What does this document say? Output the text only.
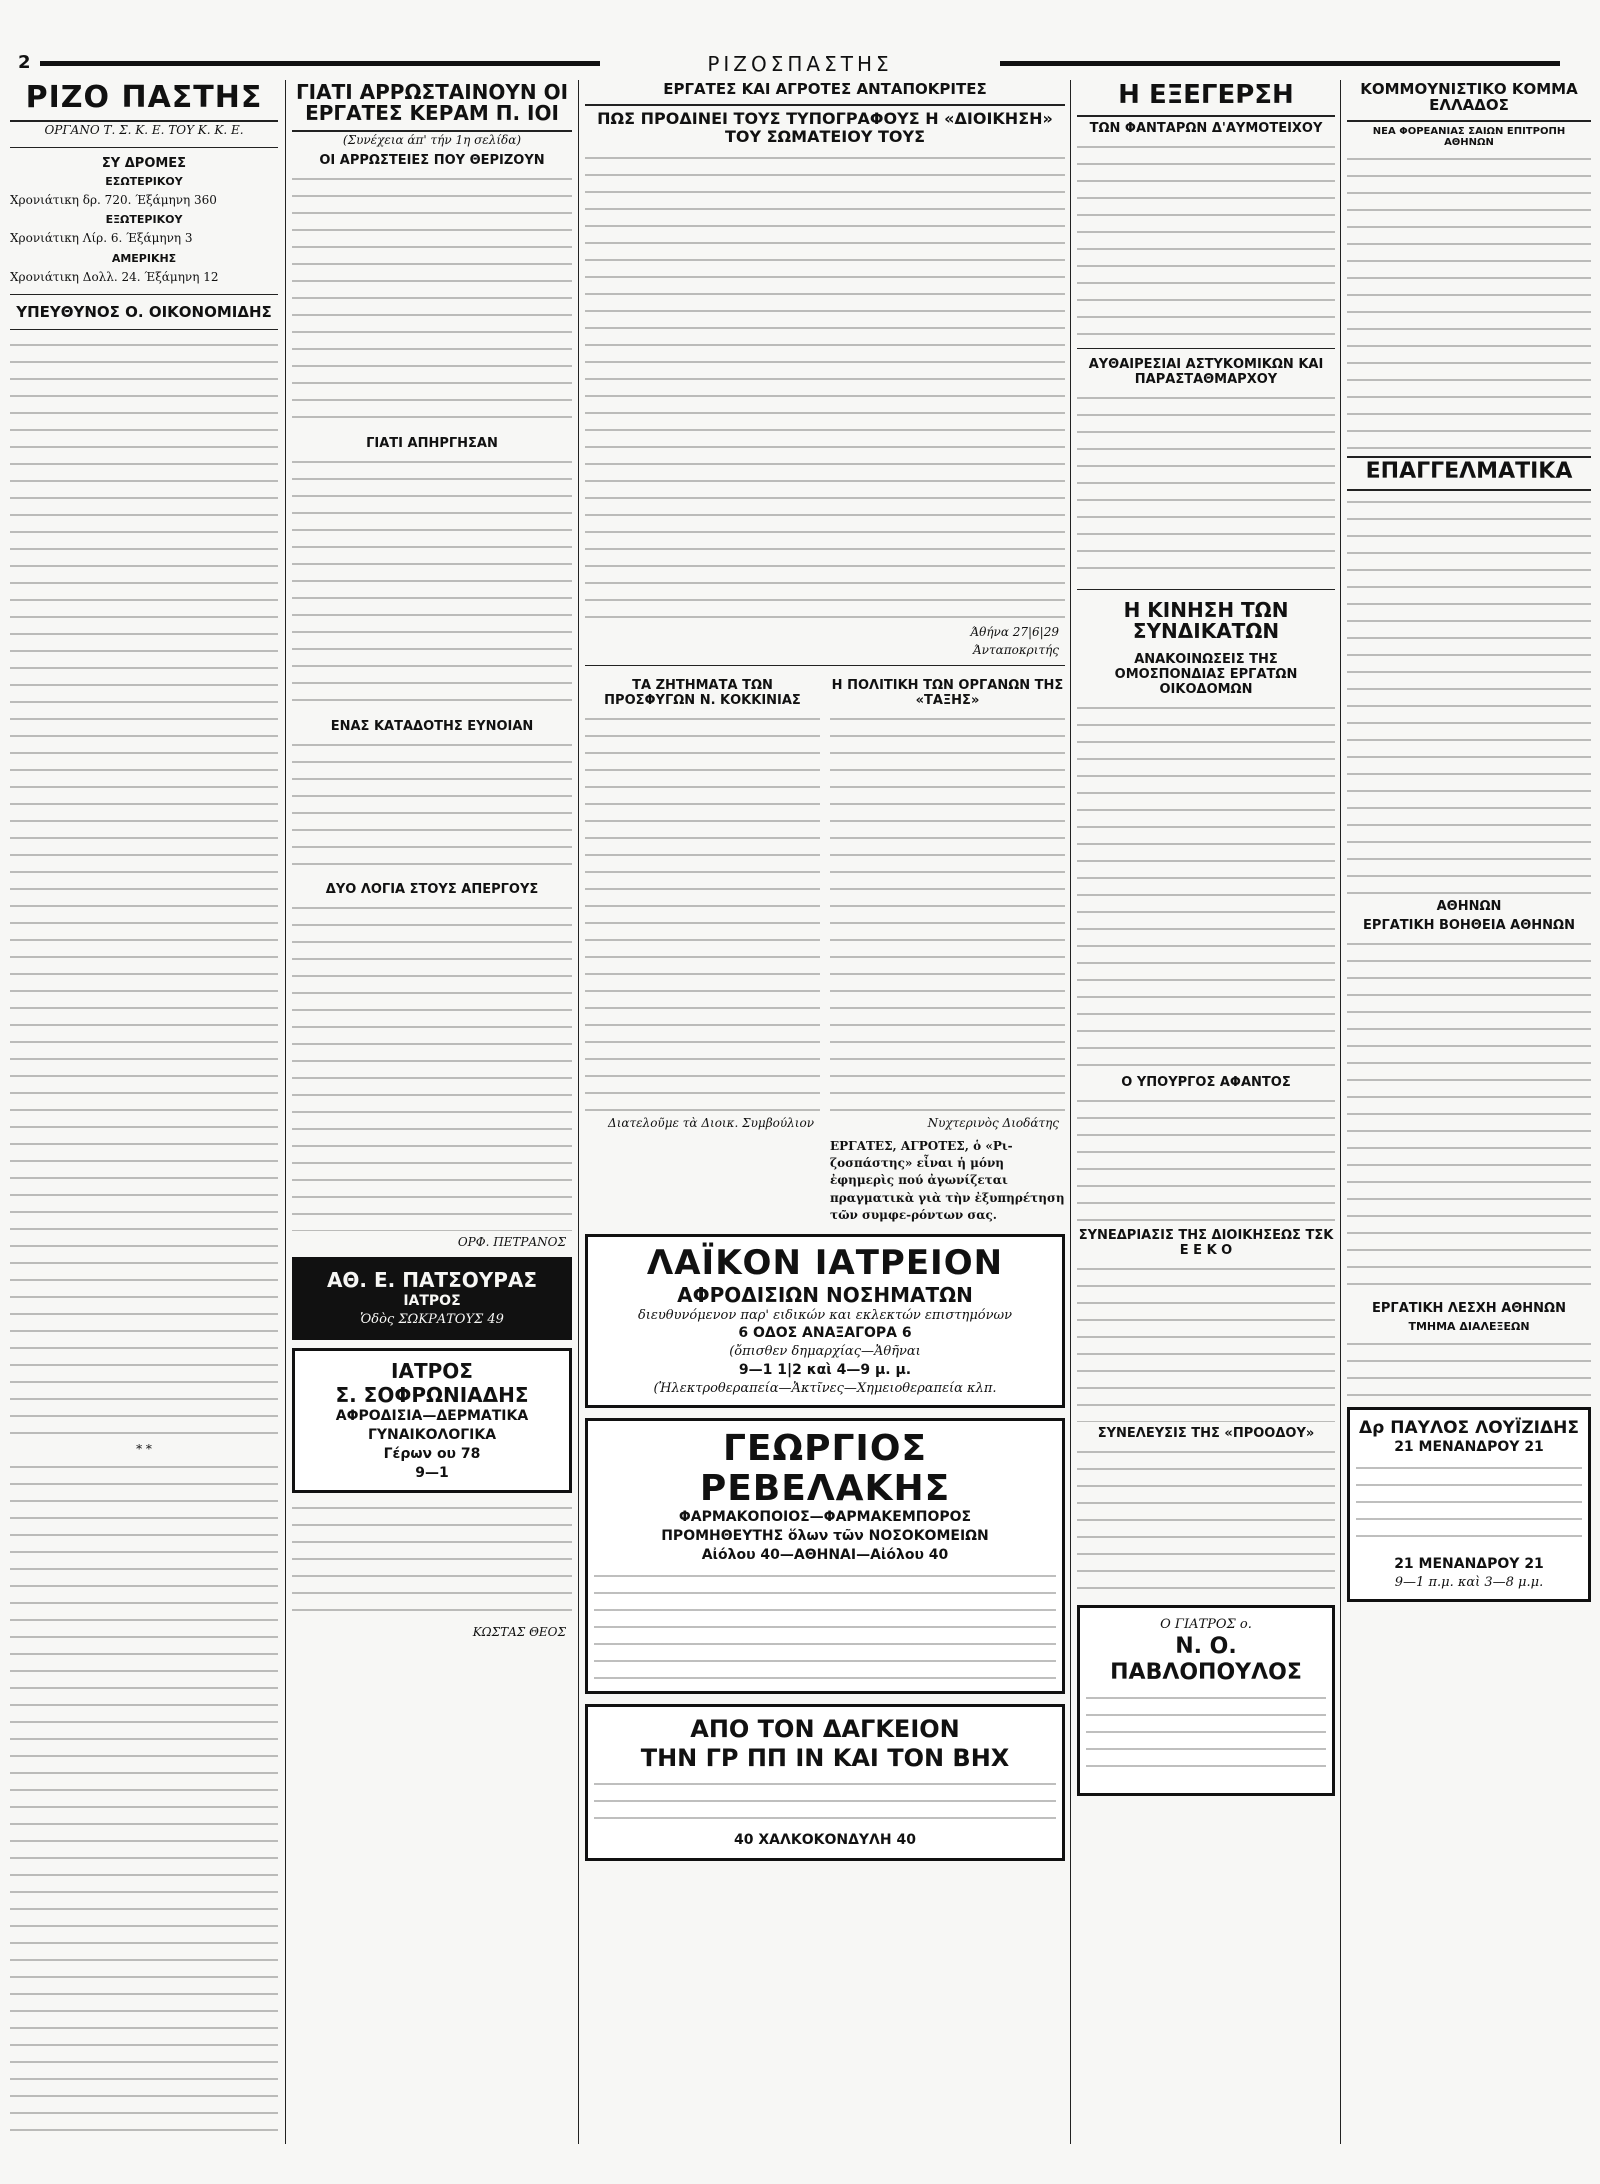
2	ΡΙΖΟΣΠΑΣΤΗΣ
ΡΙΖΟ ΠΑΣΤΗΣ
ΟΡΓΑΝΟ Τ. Σ. Κ. Ε. ΤΟΥ Κ. Κ. Ε.
ΣΥ ΔΡΟΜΕΣ
ΕΣΩΤΕΡΙΚΟΥ
Χρονιάτικη δρ. 720. Έξάμηνη 360
ΕΞΩΤΕΡΙΚΟΥ
Χρονιάτικη Λίρ. 6. Έξάμηνη 3
ΑΜΕΡΙΚΗΣ
Χρονιάτικη Δολλ. 24. Έξάμηνη 12
ΥΠΕΥΘΥΝΟΣ Ο. ΟΙΚΟΝΟΜΙΔΗΣ
* *
ΓΙΑΤΙ ΑΡΡΩΣΤΑΙΝΟΥΝ ΟΙ ΕΡΓΑΤΕΣ ΚΕΡΑΜ Π. ΙΟΙ
(Συνέχεια άπ' τήν 1η σελίδα)
ΟΙ ΑΡΡΩΣΤΕΙΕΣ ΠΟΥ ΘΕΡΙΖΟΥΝ
ΓΙΑΤΙ ΑΠΗΡΓΗΣΑΝ
ΕΝΑΣ ΚΑΤΑΔΟΤΗΣ ΕΥΝΟΙΑΝ
ΔΥΟ ΛΟΓΙΑ ΣΤΟΥΣ ΑΠΕΡΓΟΥΣ
ΟΡΦ. ΠΕΤΡΑΝΟΣ
ΑΘ. Ε. ΠΑΤΣΟΥΡΑΣ
ΙΑΤΡΟΣ
Ὁδὸς ΣΩΚΡΑΤΟΥΣ 49
ΙΑΤΡΟΣ
Σ. ΣΟΦΡΩΝΙΑΔΗΣ
ΑΦΡΟΔΙΣΙΑ—ΔΕΡΜΑΤΙΚΑ ΓΥΝΑΙΚΟΛΟΓΙΚΑ
Γέρων ου 78
9—1
ΚΩΣΤΑΣ ΘΕΟΣ
ΕΡΓΑΤΕΣ ΚΑΙ ΑΓΡΟΤΕΣ ΑΝΤΑΠΟΚΡΙΤΕΣ
ΠΩΣ ΠΡΟΔΙΝΕΙ ΤΟΥΣ ΤΥΠΟΓΡΑΦΟΥΣ Η «ΔΙΟΙΚΗΣΗ» ΤΟΥ ΣΩΜΑΤΕΙΟΥ ΤΟΥΣ
Άθήνα 27|6|29
Άνταποκριτής
ΤΑ ΖΗΤΗΜΑΤΑ ΤΩΝ ΠΡΟΣΦΥΓΩΝ Ν. ΚΟΚΚΙΝΙΑΣ
Διατελοῦμε τὰ Διοικ. Συμβούλιον
Η ΠΟΛΙΤΙΚΗ ΤΩΝ ΟΡΓΑΝΩΝ ΤΗΣ «ΤΑΞΗΣ»
Νυχτερινὸς Διοδάτης
ΕΡΓΑΤΕΣ, ΑΓΡΟΤΕΣ, ὁ «Ρι-ζοσπάστης» εἶναι ἡ μόνη ἐφημερὶς πού ἀγωνίζεται πραγματικὰ γιὰ τὴν ἐξυπηρέτηση τῶν συμφε-ρόντων σας.
ΛΑΪΚΟΝ ΙΑΤΡΕΙΟΝ
ΑΦΡΟΔΙΣΙΩΝ ΝΟΣΗΜΑΤΩΝ
διευθυνόμενον παρ' ειδικών και εκλεκτών επιστημόνων
6 ΟΔΟΣ ΑΝΑΞΑΓΟΡΑ 6
(ὄπισθεν δημαρχίας—Ἀθῆναι
9—1 1|2 καὶ 4—9 μ. μ.
(Ἠλεκτροθεραπεία—Ἀκτῖνες—Χημειοθεραπεία κλπ.
ΓΕΩΡΓΙΟΣ ΡΕΒΕΛΑΚΗΣ
ΦΑΡΜΑΚΟΠΟΙΟΣ—ΦΑΡΜΑΚΕΜΠΟΡΟΣ
ΠΡΟΜΗΘΕΥΤΗΣ ὅλων τῶν ΝΟΣΟΚΟΜΕΙΩΝ
Αἰόλου 40—ΑΘΗΝΑΙ—Αἰόλου 40
ΑΠΟ ΤΟΝ ΔΑΓΚΕΙΟΝ
ΤΗΝ ΓΡ ΠΠ ΙΝ ΚΑΙ ΤΟΝ ΒΗΧ
40 ΧΑΛΚΟΚΟΝΔΥΛΗ 40
Η ΕΞΕΓΕΡΣΗ
ΤΩΝ ΦΑΝΤΑΡΩΝ Δ'ΑΥΜΟΤΕΙΧΟΥ
ΑΥΘΑΙΡΕΣΙΑΙ ΑΣΤΥΚΟΜΙΚΩΝ ΚΑΙ ΠΑΡΑΣΤΑΘΜΑΡΧΟΥ
Η ΚΙΝΗΣΗ ΤΩΝ ΣΥΝΔΙΚΑΤΩΝ
ΑΝΑΚΟΙΝΩΣΕΙΣ ΤΗΣ ΟΜΟΣΠΟΝΔΙΑΣ ΕΡΓΑΤΩΝ ΟΙΚΟΔΟΜΩΝ
Ο ΥΠΟΥΡΓΟΣ ΑΦΑΝΤΟΣ
ΣΥΝΕΔΡΙΑΣΙΣ ΤΗΣ ΔΙΟΙΚΗΣΕΩΣ ΤΣΚ Ε Ε Κ Ο
ΣΥΝΕΛΕΥΣΙΣ ΤΗΣ «ΠΡΟΟΔΟΥ»
Ο ΓΙΑΤΡΟΣ ο.
Ν. Ο. ΠΑΒΛΟΠΟΥΛΟΣ
ΚΟΜΜΟΥΝΙΣΤΙΚΟ ΚΟΜΜΑ ΕΛΛΑΔΟΣ
ΝΕΑ ΦΟΡΕΑΝΙΑΣ ΣΑΙΩΝ ΕΠΙΤΡΟΠΗ ΑΘΗΝΩΝ
ΕΠΑΓΓΕΛΜΑΤΙΚΑ
ΑΘΗΝΩΝ
ΕΡΓΑΤΙΚΗ ΒΟΗΘΕΙΑ ΑΘΗΝΩΝ
ΕΡΓΑΤΙΚΗ ΛΕΣΧΗ ΑΘΗΝΩΝ
ΤΜΗΜΑ ΔΙΑΛΕΞΕΩΝ
Δρ ΠΑΥΛΟΣ ΛΟΥΪΖΙΔΗΣ
21 ΜΕΝΑΝΔΡΟΥ 21
21 ΜΕΝΑΝΔΡΟΥ 21
9—1 π.μ. καὶ 3—8 μ.μ.
